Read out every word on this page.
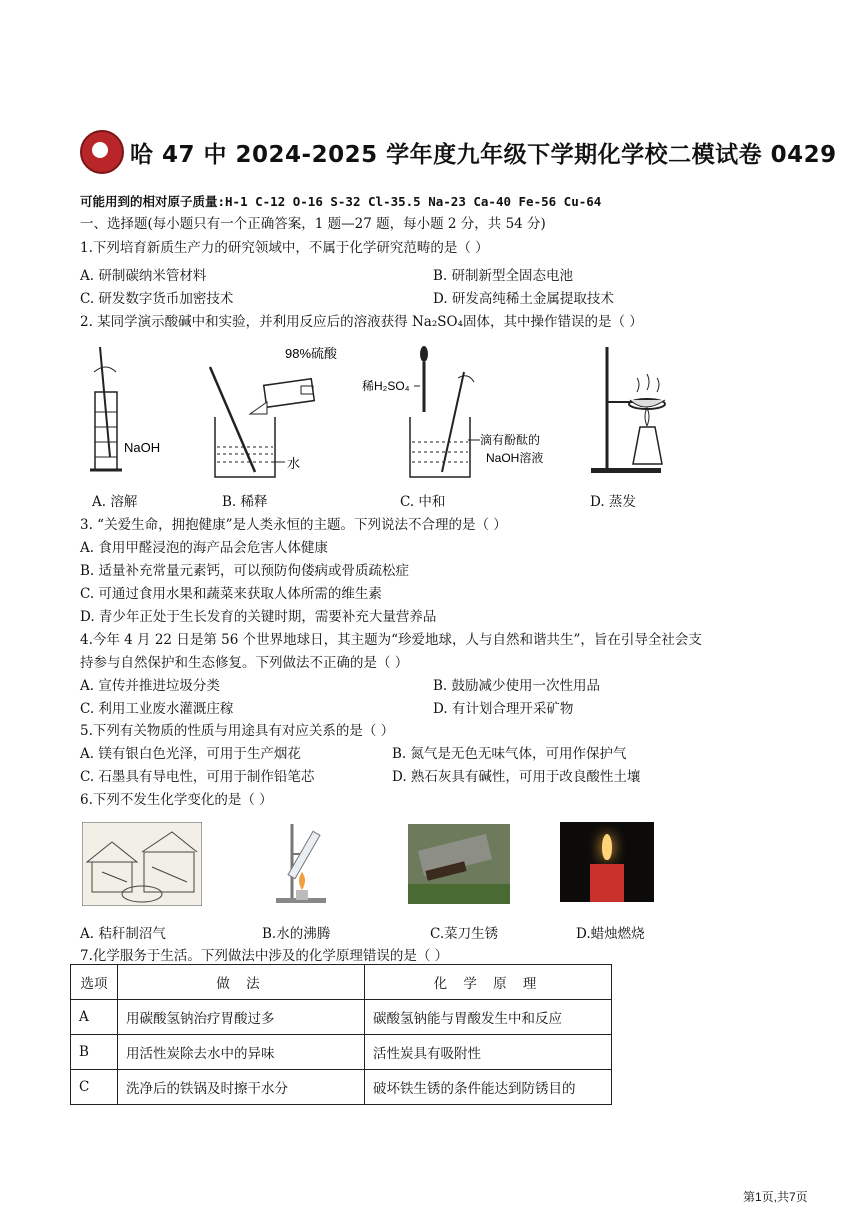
哈 47 中 2024-2025 学年度九年级下学期化学校二模试卷 0429
可能用到的相对原子质量:H-1 C-12 O-16 S-32 Cl-35.5 Na-23 Ca-40 Fe-56 Cu-64
一、选择题(每小题只有一个正确答案，1 题—27 题，每小题 2 分，共 54 分)
1.下列培育新质生产力的研究领域中，不属于化学研究范畴的是（ ）
A. 研制碳纳米管材料	B. 研制新型全固态电池
C. 研发数字货币加密技术	D. 研发高纯稀土金属提取技术
2. 某同学演示酸碱中和实验，并利用反应后的溶液获得 Na₂SO₄固体，其中操作错误的是（ ）
NaOH
98%硫酸
水
稀H₂SO₄
滴有酚酞的
NaOH溶液
A. 溶解	B. 稀释	C. 中和	D. 蒸发
3. “关爱生命，拥抱健康”是人类永恒的主题。下列说法不合理的是（ ）
A. 食用甲醛浸泡的海产品会危害人体健康
B. 适量补充常量元素钙，可以预防佝偻病或骨质疏松症
C. 可通过食用水果和蔬菜来获取人体所需的维生素
D. 青少年正处于生长发育的关键时期，需要补充大量营养品
4.今年 4 月 22 日是第 56 个世界地球日，其主题为“珍爱地球，人与自然和谐共生”，旨在引导全社会支
持参与自然保护和生态修复。下列做法不正确的是（ ）
A. 宣传并推进垃圾分类	B. 鼓励减少使用一次性用品
C. 利用工业废水灌溉庄稼	D. 有计划合理开采矿物
5.下列有关物质的性质与用途具有对应关系的是（ ）
A. 镁有银白色光泽，可用于生产烟花	B. 氮气是无色无味气体，可用作保护气
C. 石墨具有导电性，可用于制作铅笔芯	D. 熟石灰具有碱性，可用于改良酸性土壤
6.下列不发生化学变化的是（ ）
A. 秸秆制沼气	B.水的沸腾	C.菜刀生锈	D.蜡烛燃烧
7.化学服务于生活。下列做法中涉及的化学原理错误的是（ ）
选项	做 法	化 学 原 理
A	用碳酸氢钠治疗胃酸过多	碳酸氢钠能与胃酸发生中和反应
B	用活性炭除去水中的异味	活性炭具有吸附性
C	洗净后的铁锅及时擦干水分	破坏铁生锈的条件能达到防锈目的
第1页,共7页
